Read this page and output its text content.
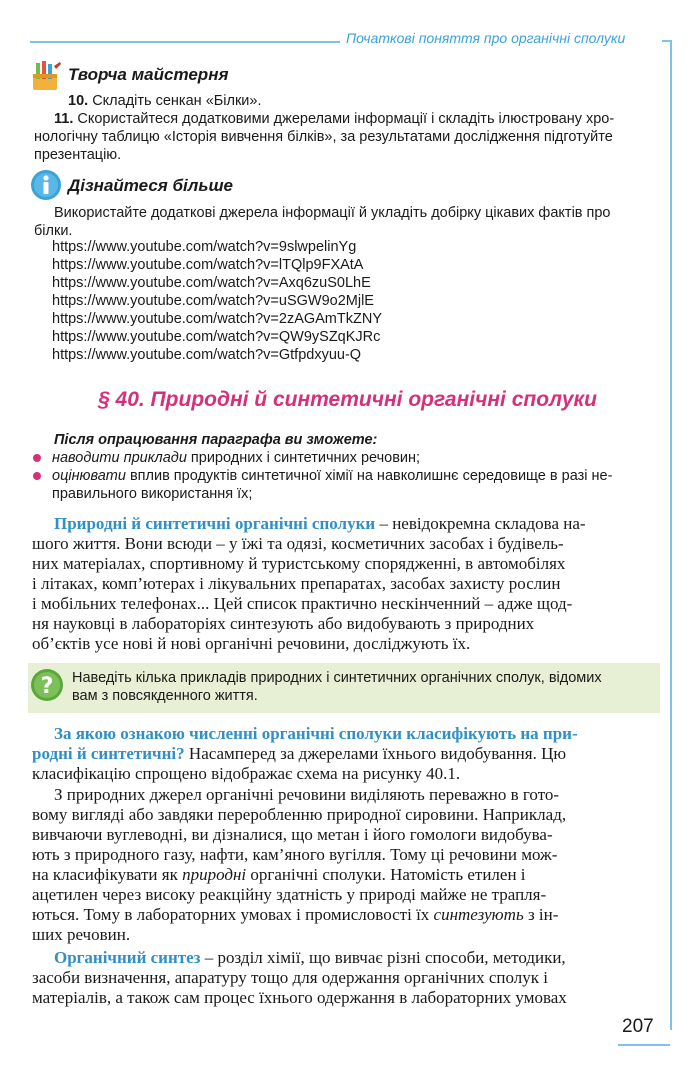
Початкові поняття про органічні сполуки
Творча майстерня
10. Складіть сенкан «Білки».
11. Скористайтеся додатковими джерелами інформації і складіть ілюстровану хро-
нологічну таблицю «Історія вивчення білків», за результатами дослідження підготуйте
презентацію.
Дізнайтеся більше
Використайте додаткові джерела інформації й укладіть добірку цікавих фактів про
білки.
https://www.youtube.com/watch?v=9slwpelinYg
https://www.youtube.com/watch?v=lTQlp9FXAtA
https://www.youtube.com/watch?v=Axq6zuS0LhE
https://www.youtube.com/watch?v=uSGW9o2MjlE
https://www.youtube.com/watch?v=2zAGAmTkZNY
https://www.youtube.com/watch?v=QW9ySZqKJRc
https://www.youtube.com/watch?v=Gtfpdxyuu-Q
§ 40. Природні й синтетичні органічні сполуки
Після опрацювання параграфа ви зможете:
наводити приклади природних і синтетичних речовин;
оцінювати вплив продуктів синтетичної хімії на навколишнє середовище в разі не-
правильного використання їх;
Природні й синтетичні органічні сполуки – невідокремна складова на-
шого життя. Вони всюди – у їжі та одязі, косметичних засобах і будівель-
них матеріалах, спортивному й туристському спорядженні, в автомобілях
і літаках, комп’ютерах і лікувальних препаратах, засобах захисту рослин
і мобільних телефонах... Цей список практично нескінченний – адже щод-
ня науковці в лабораторіях синтезують або видобувають з природних
об’єктів усе нові й нові органічні речовини, досліджують їх.
? Наведіть кілька прикладів природних і синтетичних органічних сполук, відомих
вам з повсякденного життя.
За якою ознакою численні органічні сполуки класифікують на при-
родні й синтетичні? Насамперед за джерелами їхнього видобування. Цю
класифікацію спрощено відображає схема на рисунку 40.1.
З природних джерел органічні речовини виділяють переважно в гото-
вому вигляді або завдяки переробленню природної сировини. Наприклад,
вивчаючи вуглеводні, ви дізналися, що метан і його гомологи видобува-
ють з природного газу, нафти, кам’яного вугілля. Тому ці речовини мож-
на класифікувати як природні органічні сполуки. Натомість етилен і
ацетилен через високу реакційну здатність у природі майже не трапля-
ються. Тому в лабораторних умовах і промисловості їх синтезують з ін-
ших речовин.
Органічний синтез – розділ хімії, що вивчає різні способи, методики,
засоби визначення, апаратуру тощо для одержання органічних сполук і
матеріалів, а також сам процес їхнього одержання в лабораторних умовах
207
